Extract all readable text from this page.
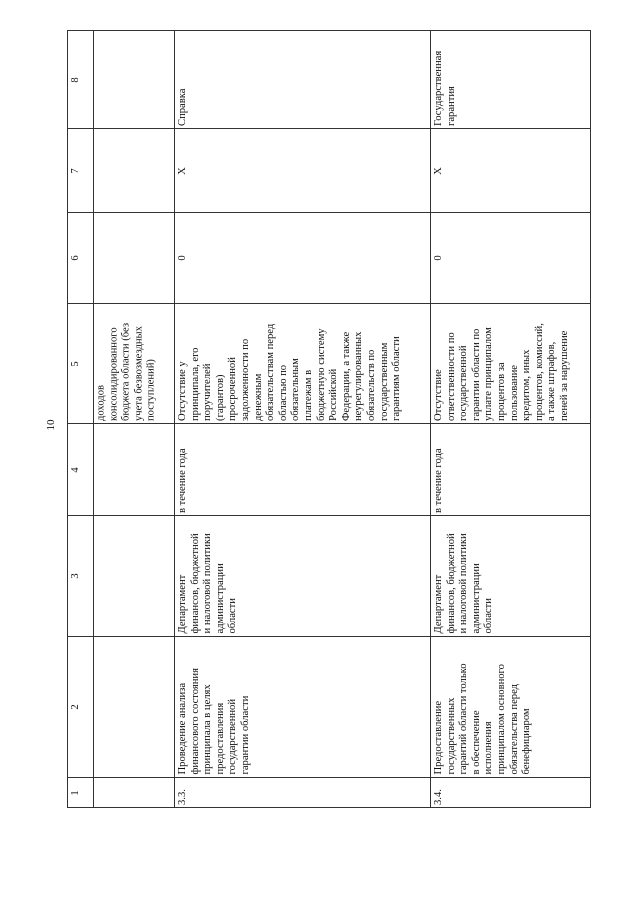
10
1
2
3
4
5
6
7
8
доходов
консолидированного
бюджета области (без
учета безвозмездных
поступлений)
3.3.
Проведение анализа
финансового состояния
принципала в целях
предоставления
государственной
гарантии области
Департамент
финансов, бюджетной
и налоговой политики
администрации
области
в течение года
Отсутствие у
принципала, его
поручителей
(гарантов)
просроченной
задолженности по
денежным
обязательствам перед
областью по
обязательным
платежам в
бюджетную систему
Российской
Федерации, а также
неурегулированных
обязательств по
государственным
гарантиям области
0
Х
Справка
3.4.
Предоставление
государственных
гарантий области только
в обеспечение
исполнения
принципалом основного
обязательства перед
бенефициаром
Департамент
финансов, бюджетной
и налоговой политики
администрации
области
в течение года
Отсутствие
ответственности по
государственной
гарантии области по
уплате принципалом
процентов за
пользование
кредитом, иных
процентов, комиссий,
а также штрафов,
пеней за нарушение
0
Х
Государственная
гарантия
